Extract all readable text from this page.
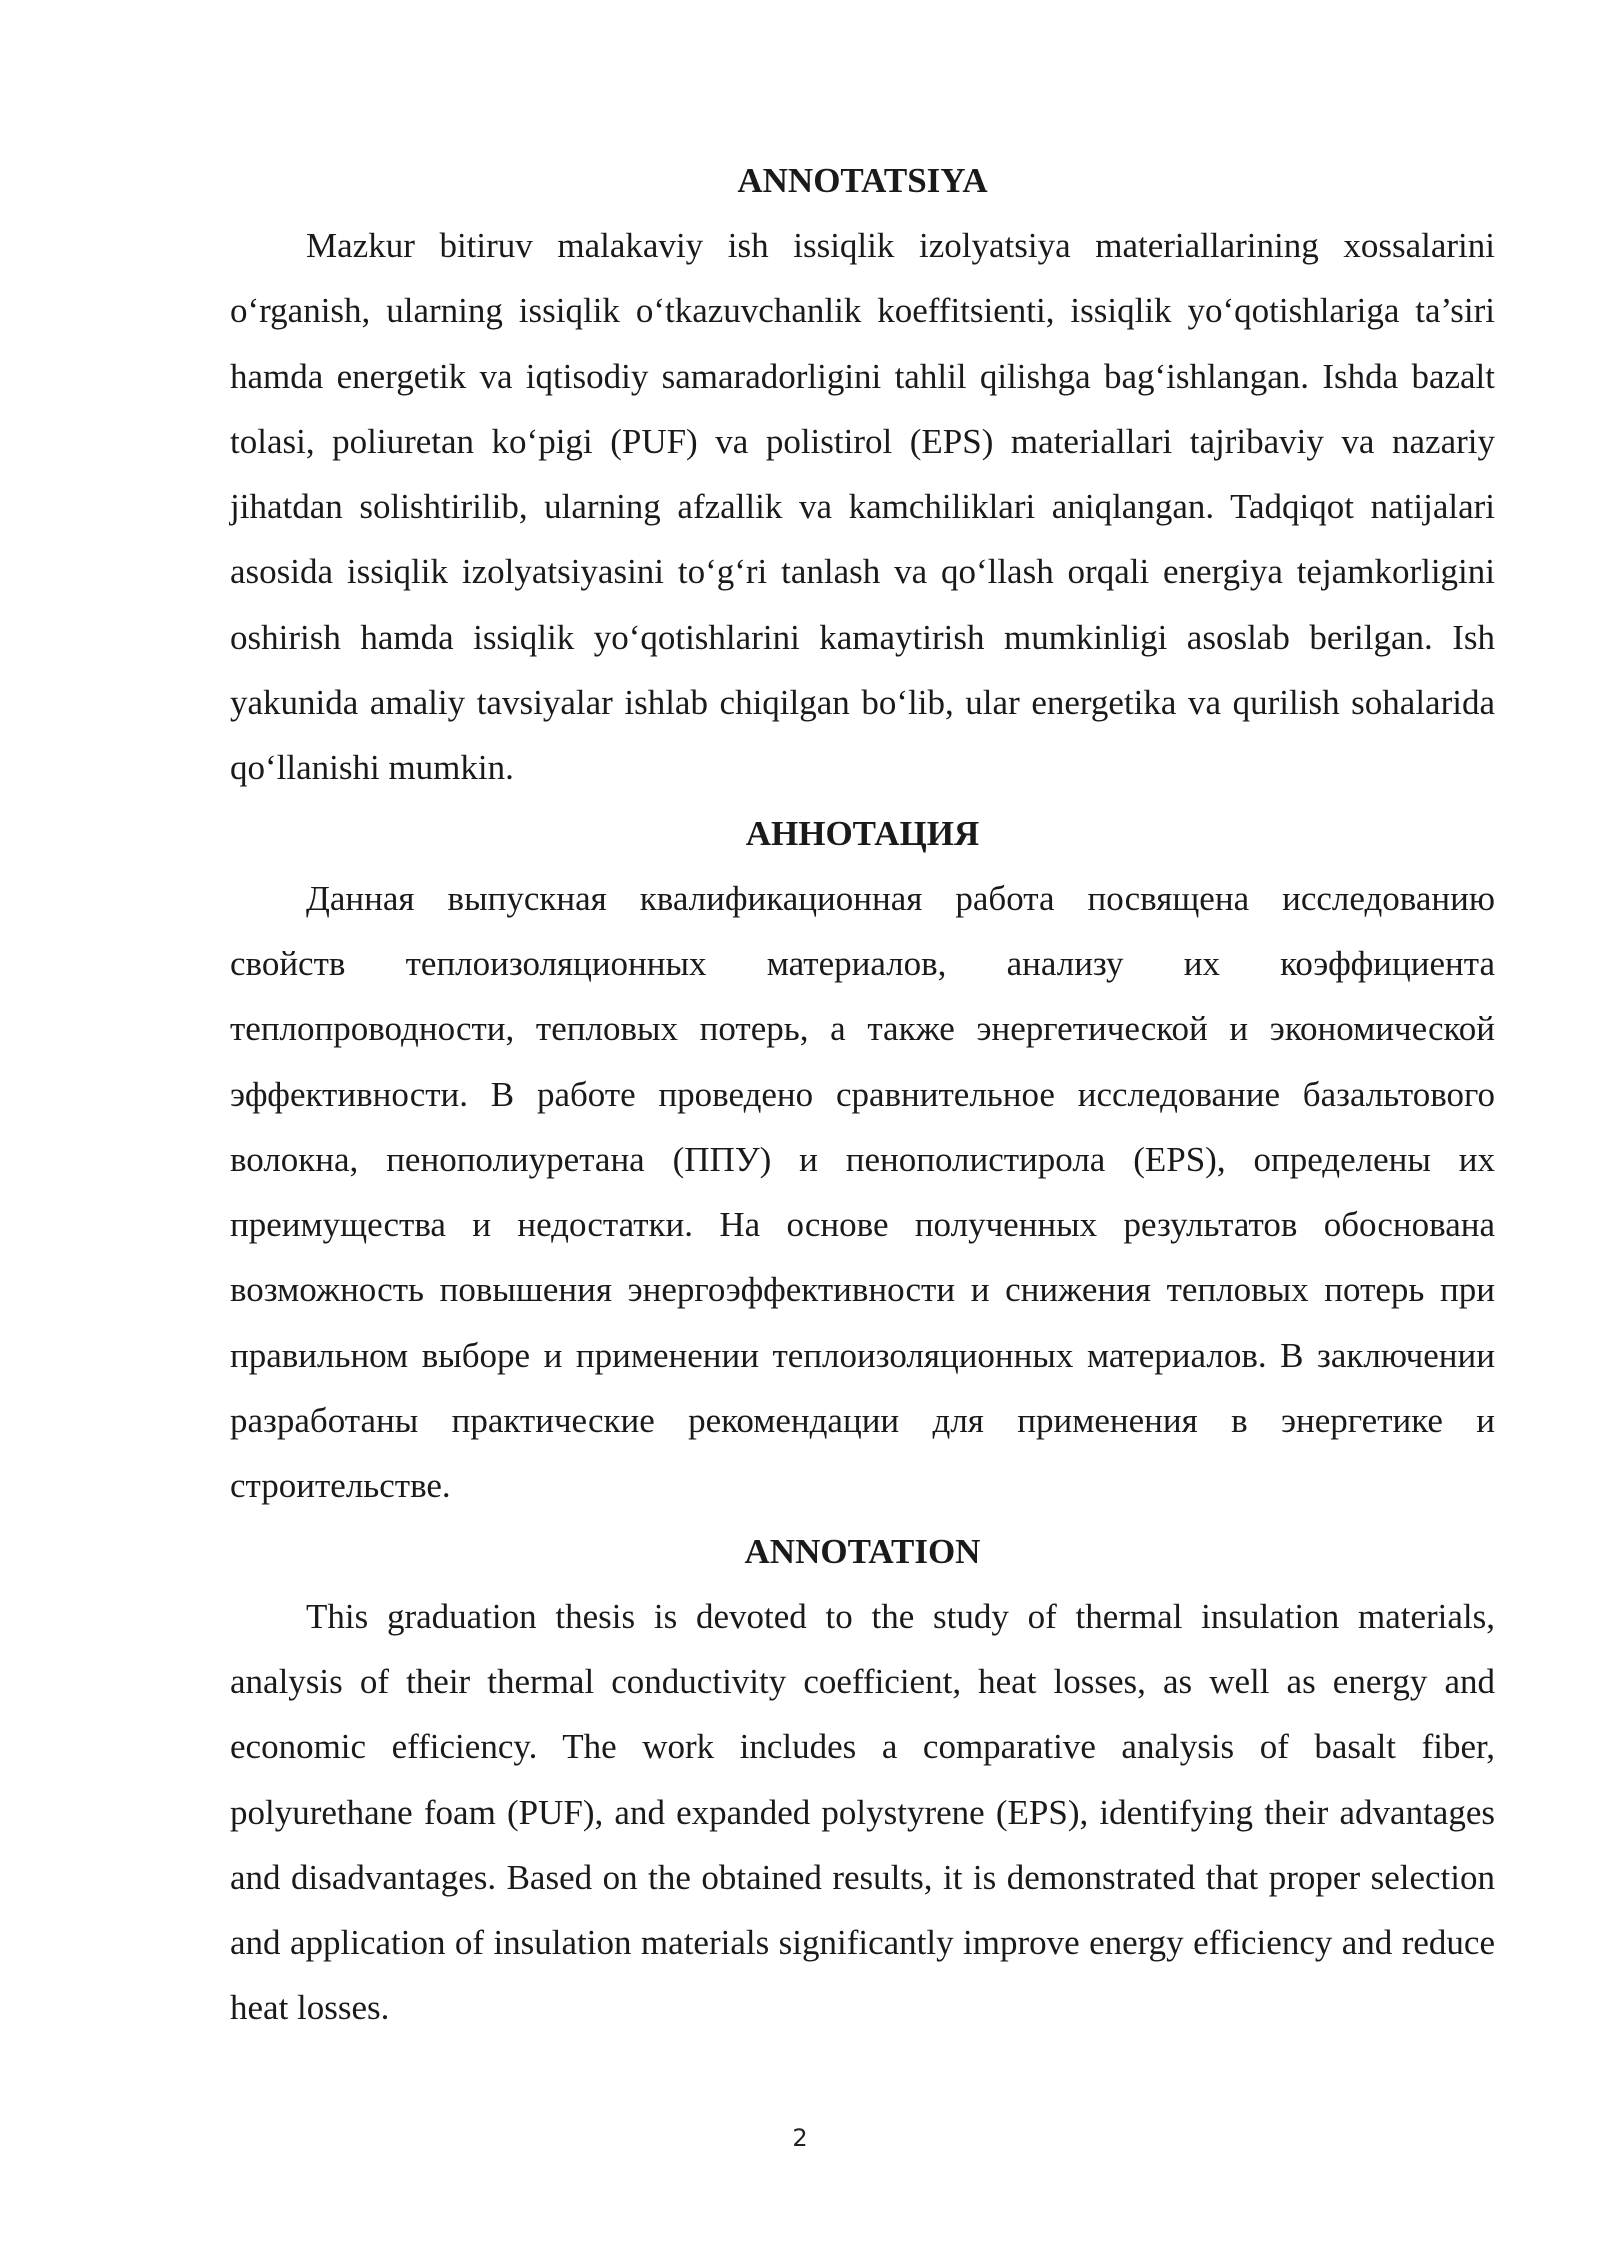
ANNOTATSIYA

Mazkur bitiruv malakaviy ish issiqlik izolyatsiya materiallarining xossalarini o‘rganish, ularning issiqlik o‘tkazuvchanlik koeffitsienti, issiqlik yo‘qotishlariga ta’siri hamda energetik va iqtisodiy samaradorligini tahlil qilishga bag‘ishlangan. Ishda bazalt tolasi, poliuretan ko‘pigi (PUF) va polistirol (EPS) materiallari tajribaviy va nazariy jihatdan solishtirilib, ularning afzallik va kamchiliklari aniqlangan. Tadqiqot natijalari asosida issiqlik izolyatsiyasini to‘g‘ri tanlash va qo‘llash orqali energiya tejamkorligini oshirish hamda issiqlik yo‘qotishlarini kamaytirish mumkinligi asoslab berilgan. Ish yakunida amaliy tavsiyalar ishlab chiqilgan bo‘lib, ular energetika va qurilish sohalarida qo‘llanishi mumkin.

АННОТАЦИЯ

Данная выпускная квалификационная работа посвящена исследованию свойств теплоизоляционных материалов, анализу их коэффициента теплопроводности, тепловых потерь, а также энергетической и экономической эффективности. В работе проведено сравнительное исследование базальтового волокна, пенополиуретана (ППУ) и пенополистирола (EPS), определены их преимущества и недостатки. На основе полученных результатов обоснована возможность повышения энергоэффективности и снижения тепловых потерь при правильном выборе и применении теплоизоляционных материалов. В заключении разработаны практические рекомендации для применения в энергетике и строительстве.

ANNOTATION

This graduation thesis is devoted to the study of thermal insulation materials, analysis of their thermal conductivity coefficient, heat losses, as well as energy and economic efficiency. The work includes a comparative analysis of basalt fiber, polyurethane foam (PUF), and expanded polystyrene (EPS), identifying their advantages and disadvantages. Based on the obtained results, it is demonstrated that proper selection and application of insulation materials significantly improve energy efficiency and reduce heat losses.

2
